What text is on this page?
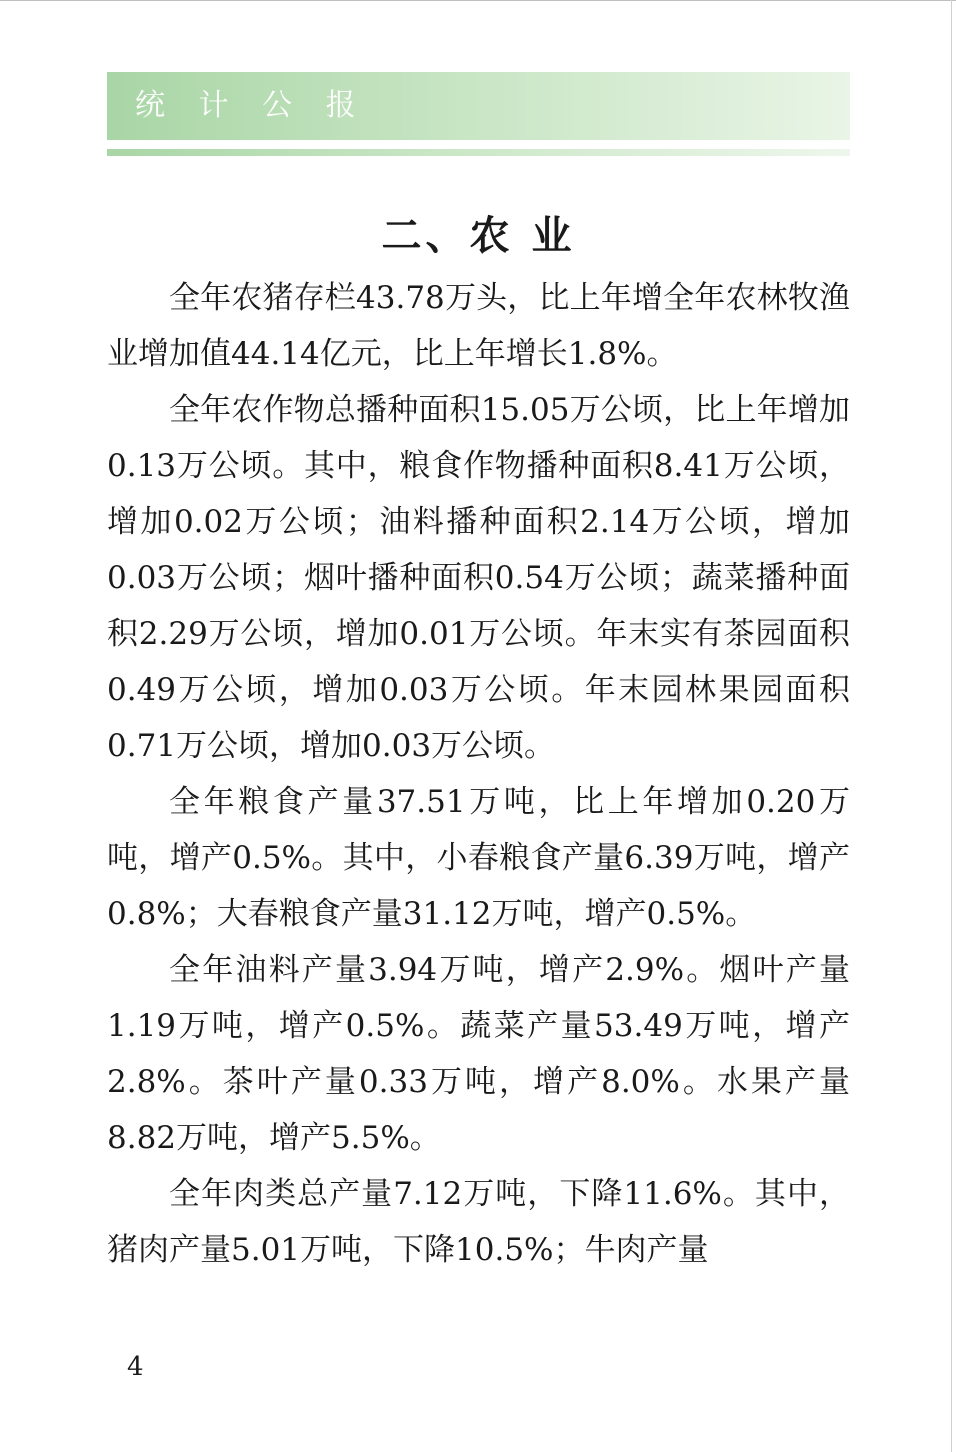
统 计 公 报
二、农 业

全年农猪存栏43.78万头，比上年增全年农林牧渔业增加值44.14亿元，比上年增长1.8%。

全年农作物总播种面积15.05万公顷，比上年增加0.13万公顷。其中，粮食作物播种面积8.41万公顷，增加0.02万公顷；油料播种面积2.14万公顷，增加0.03万公顷；烟叶播种面积0.54万公顷；蔬菜播种面积2.29万公顷，增加0.01万公顷。年末实有茶园面积0.49万公顷，增加0.03万公顷。年末园林果园面积0.71万公顷，增加0.03万公顷。

全年粮食产量37.51万吨，比上年增加0.20万吨，增产0.5%。其中，小春粮食产量6.39万吨，增产0.8%；大春粮食产量31.12万吨，增产0.5%。

全年油料产量3.94万吨，增产2.9%。烟叶产量1.19万吨，增产0.5%。蔬菜产量53.49万吨，增产2.8%。茶叶产量0.33万吨，增产8.0%。水果产量8.82万吨，增产5.5%。

全年肉类总产量7.12万吨，下降11.6%。其中，猪肉产量5.01万吨，下降10.5%；牛肉产量

4
